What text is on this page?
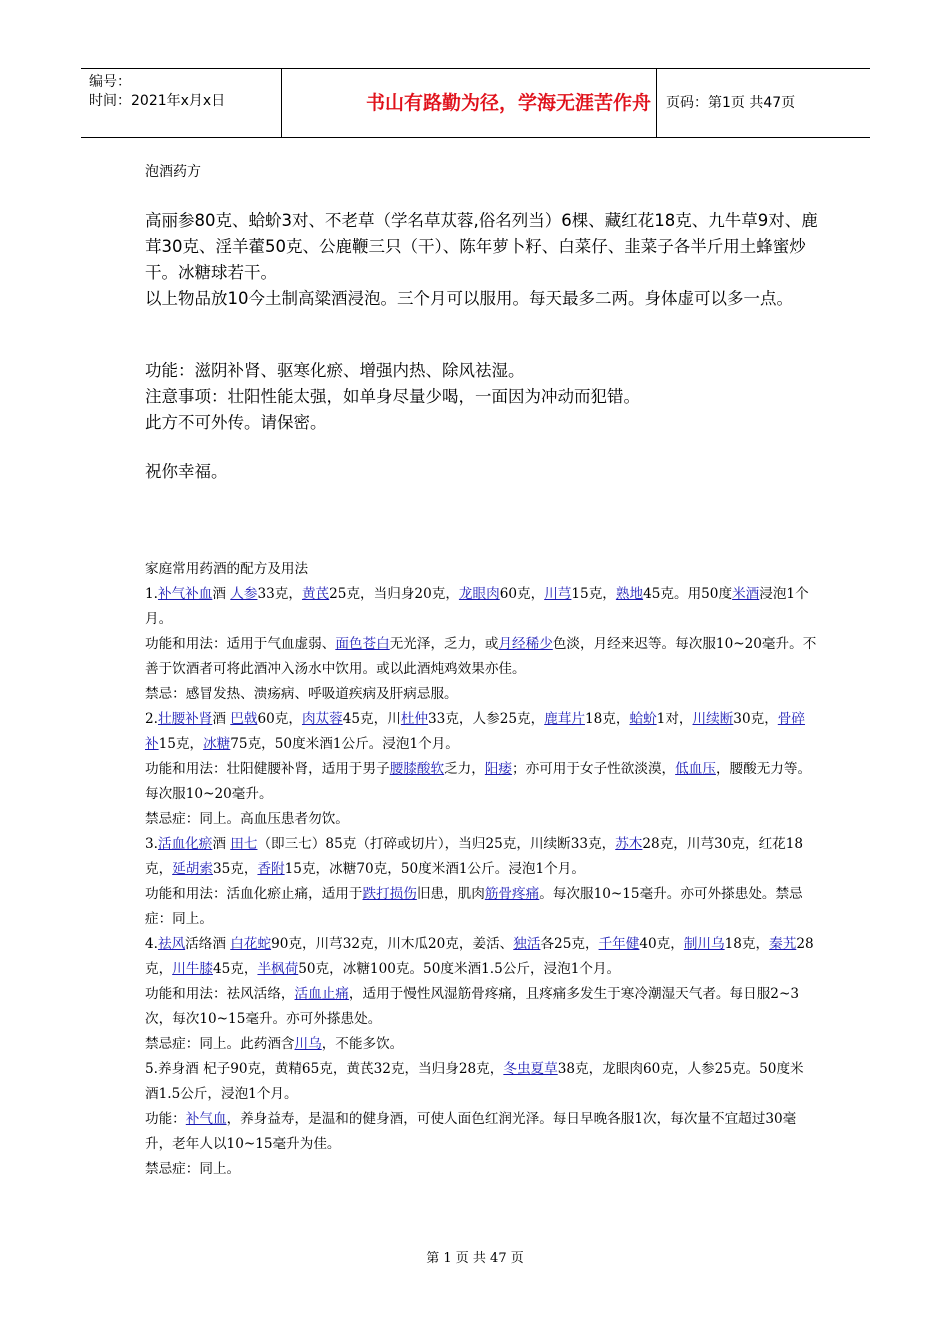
编号：
时间：2021年x月x日	书山有路勤为径，学海无涯苦作舟	页码：第1页 共47页
泡酒药方

高丽参80克、蛤蚧3对、不老草（学名草苁蓉,俗名列当）6棵、藏红花18克、九牛草9对、鹿茸30克、淫羊藿50克、公鹿鞭三只（干）、陈年萝卜籽、白菜仔、韭菜子各半斤用土蜂蜜炒干。冰糖球若干。

以上物品放10今土制高粱酒浸泡。三个月可以服用。每天最多二两。身体虚可以多一点。

功能：滋阴补肾、驱寒化瘀、增强内热、除风祛湿。

注意事项：壮阳性能太强，如单身尽量少喝，一面因为冲动而犯错。

此方不可外传。请保密。

祝你幸福。

家庭常用药酒的配方及用法

1.补气补血酒 人参33克，黄芪25克，当归身20克，龙眼肉60克，川芎15克，熟地45克。用50度米酒浸泡1个月。

功能和用法：适用于气血虚弱、面色苍白无光泽，乏力，或月经稀少色淡，月经来迟等。每次服10~20毫升。不善于饮酒者可将此酒冲入汤水中饮用。或以此酒炖鸡效果亦佳。

禁忌：感冒发热、溃疡病、呼吸道疾病及肝病忌服。

2.壮腰补肾酒 巴戟60克，肉苁蓉45克，川杜仲33克，人参25克，鹿茸片18克，蛤蚧1对，川续断30克，骨碎补15克，冰糖75克，50度米酒1公斤。浸泡1个月。

功能和用法：壮阳健腰补肾，适用于男子腰膝酸软乏力，阳痿；亦可用于女子性欲淡漠，低血压，腰酸无力等。每次服10~20毫升。

禁忌症：同上。高血压患者勿饮。

3.活血化瘀酒 田七（即三七）85克（打碎或切片），当归25克，川续断33克，苏木28克，川芎30克，红花18克，延胡索35克，香附15克，冰糖70克，50度米酒1公斤。浸泡1个月。

功能和用法：活血化瘀止痛，适用于跌打损伤旧患，肌肉筋骨疼痛。每次服10~15毫升。亦可外搽患处。禁忌症：同上。

4.祛风活络酒 白花蛇90克，川芎32克，川木瓜20克，姜活、独活各25克，千年健40克，制川乌18克，秦艽28克，川牛膝45克，半枫荷50克，冰糖100克。50度米酒1.5公斤，浸泡1个月。

功能和用法：祛风活络，活血止痛，适用于慢性风湿筋骨疼痛，且疼痛多发生于寒冷潮湿天气者。每日服2~3次，每次10~15毫升。亦可外搽患处。

禁忌症：同上。此药酒含川乌，不能多饮。

5.养身酒 杞子90克，黄精65克，黄芪32克，当归身28克，冬虫夏草38克，龙眼肉60克，人参25克。50度米酒1.5公斤，浸泡1个月。

功能：补气血，养身益寿，是温和的健身酒，可使人面色红润光泽。每日早晚各服1次，每次量不宜超过30毫升，老年人以10~15毫升为佳。

禁忌症：同上。

第 1 页 共 47 页
